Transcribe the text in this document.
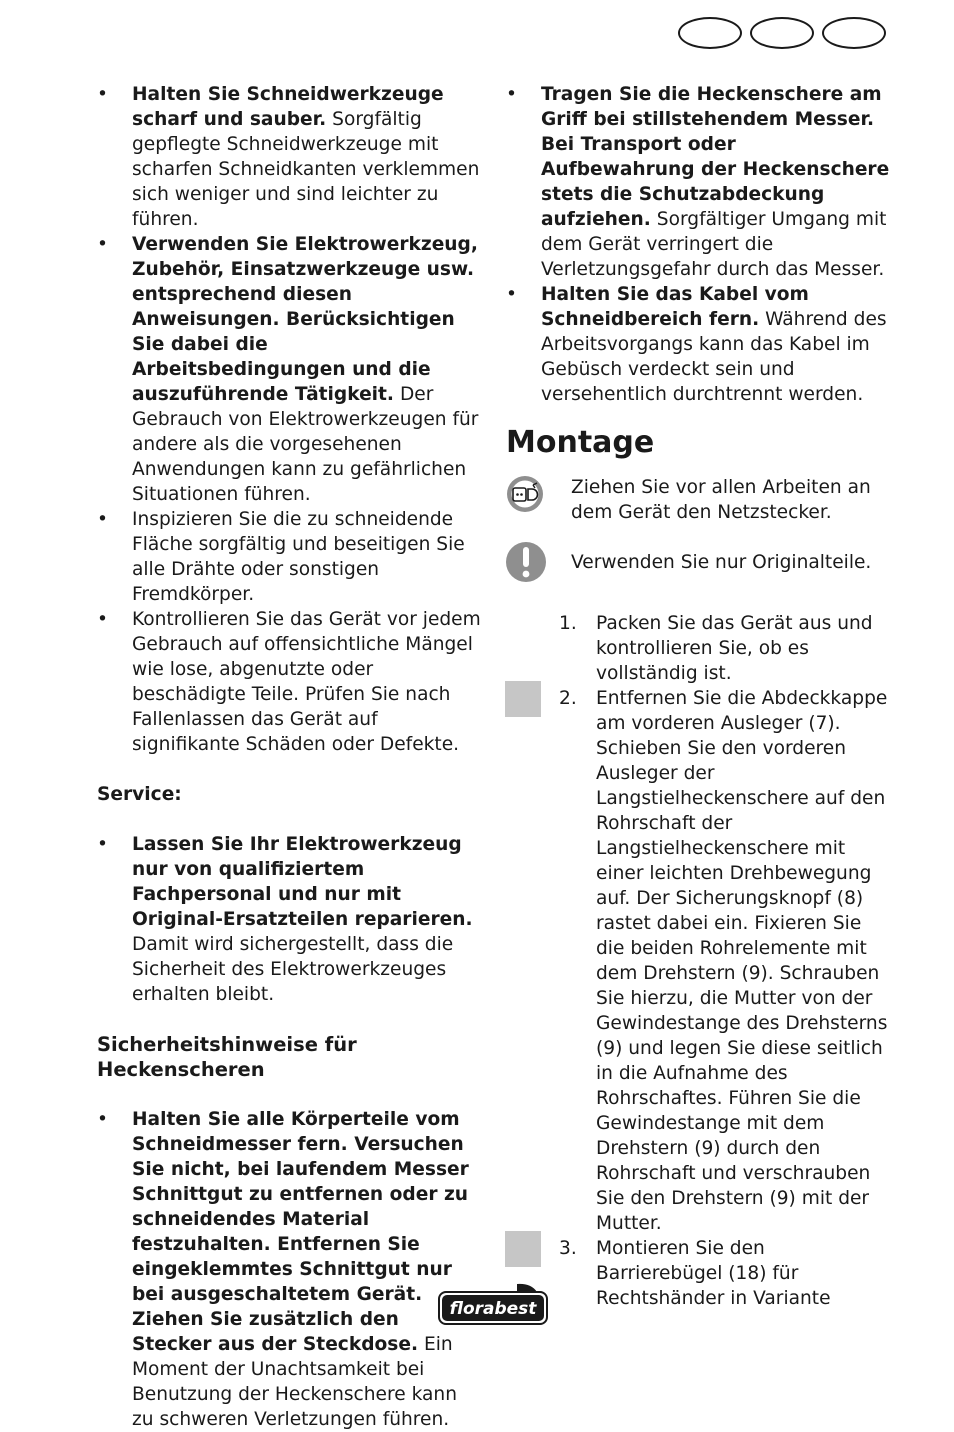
• Halten Sie Schneidwerkzeuge scharf und sauber. Sorgfältig gepflegte Schneidwerkzeuge mit scharfen Schneidkanten verklemmen sich weniger und sind leichter zu führen.
• Verwenden Sie Elektrowerkzeug, Zubehör, Einsatzwerkzeuge usw. entsprechend diesen Anweisungen. Berücksichtigen Sie dabei die Arbeitsbedingungen und die auszuführende Tätigkeit. Der Gebrauch von Elektrowerkzeugen für andere als die vorgesehenen Anwendungen kann zu gefährlichen Situationen führen.
• Inspizieren Sie die zu schneidende Fläche sorgfältig und beseitigen Sie alle Drähte oder sonstigen Fremdkörper.
• Kontrollieren Sie das Gerät vor jedem Gebrauch auf offensichtliche Mängel wie lose, abgenutzte oder beschädigte Teile. Prüfen Sie nach Fallenlassen das Gerät auf signifikante Schäden oder Defekte.
Service:
• Lassen Sie Ihr Elektrowerkzeug nur von qualifiziertem Fachpersonal und nur mit Original-Ersatzteilen reparieren. Damit wird sichergestellt, dass die Sicherheit des Elektrowerkzeuges erhalten bleibt.
Sicherheitshinweise für Heckenscheren
• Halten Sie alle Körperteile vom Schneidmesser fern. Versuchen Sie nicht, bei laufendem Messer Schnittgut zu entfernen oder zu schneidendes Material festzuhalten. Entfernen Sie eingeklemmtes Schnittgut nur bei ausgeschaltetem Gerät. Ziehen Sie zusätzlich den Stecker aus der Steckdose. Ein Moment der Unachtsamkeit bei Benutzung der Heckenschere kann zu schweren Verletzungen führen.
• Tragen Sie die Heckenschere am Griff bei stillstehendem Messer. Bei Transport oder Aufbewahrung der Heckenschere stets die Schutzabdeckung aufziehen. Sorgfältiger Umgang mit dem Gerät verringert die Verletzungsgefahr durch das Messer.
• Halten Sie das Kabel vom Schneidbereich fern. Während des Arbeitsvorgangs kann das Kabel im Gebüsch verdeckt sein und versehentlich durchtrennt werden.
Montage
Ziehen Sie vor allen Arbeiten an dem Gerät den Netzstecker.
Verwenden Sie nur Originalteile.
1. Packen Sie das Gerät aus und kontrollieren Sie, ob es vollständig ist.
2. Entfernen Sie die Abdeckkappe am vorderen Ausleger (7). Schieben Sie den vorderen Ausleger der Langstielheckenschere auf den Rohrschaft der Langstielheckenschere mit einer leichten Drehbewegung auf. Der Sicherungsknopf (8) rastet dabei ein. Fixieren Sie die beiden Rohrelemente mit dem Drehstern (9). Schrauben Sie hierzu, die Mutter von der Gewindestange des Drehsterns (9) und legen Sie diese seitlich in die Aufnahme des Rohrschaftes. Führen Sie die Gewindestange mit dem Drehstern (9) durch den Rohrschaft und verschrauben Sie den Drehstern (9) mit der Mutter.
3. Montieren Sie den Barrierebügel (18) für Rechtshänder in Variante
florabest
